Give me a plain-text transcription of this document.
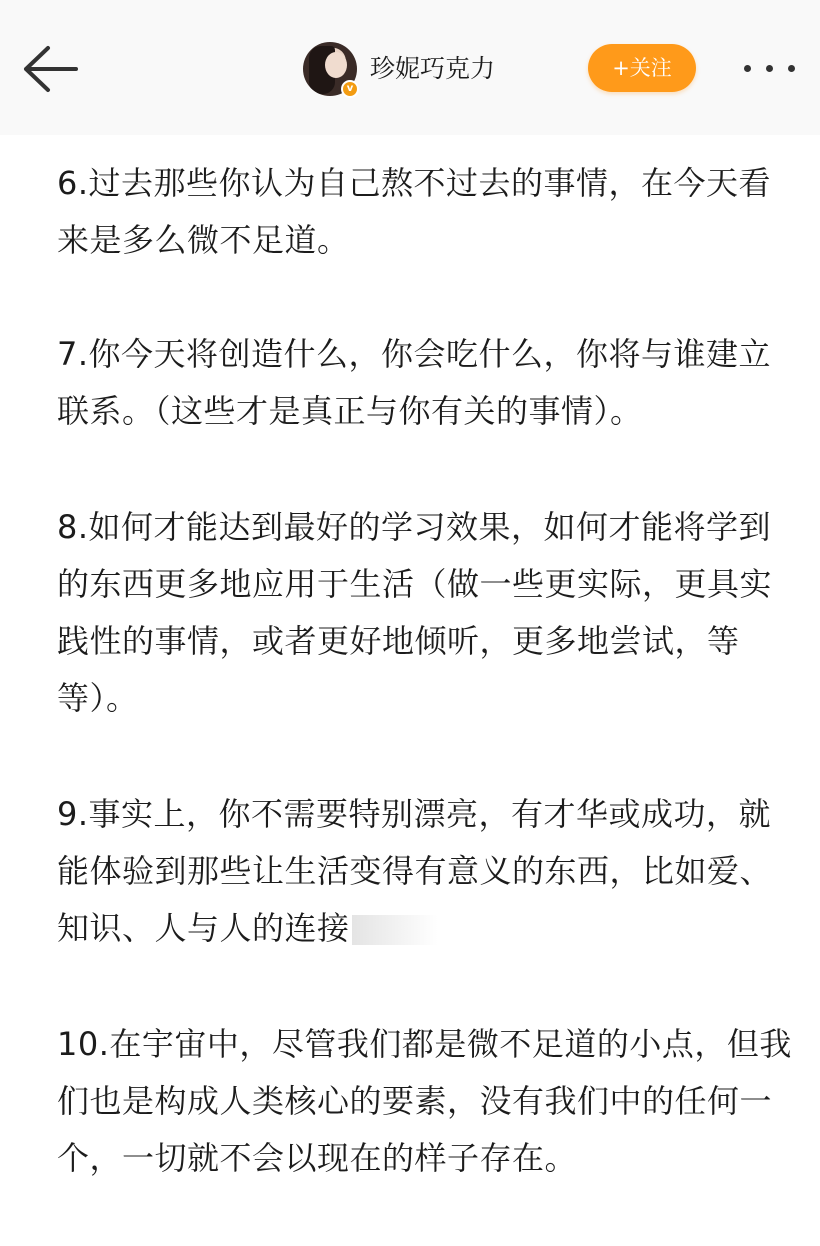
v
珍妮巧克力	+关注

6.过去那些你认为自己熬不过去的事情，在今天看来是多么微不足道。

7.你今天将创造什么，你会吃什么，你将与谁建立联系。（这些才是真正与你有关的事情）。

8.如何才能达到最好的学习效果，如何才能将学到的东西更多地应用于生活（做一些更实际，更具实践性的事情，或者更好地倾听，更多地尝试，等等）。

9.事实上，你不需要特别漂亮，有才华或成功，就能体验到那些让生活变得有意义的东西，比如爱、知识、人与人的连接

10.在宇宙中，尽管我们都是微不足道的小点，但我们也是构成人类核心的要素，没有我们中的任何一个，一切就不会以现在的样子存在。
